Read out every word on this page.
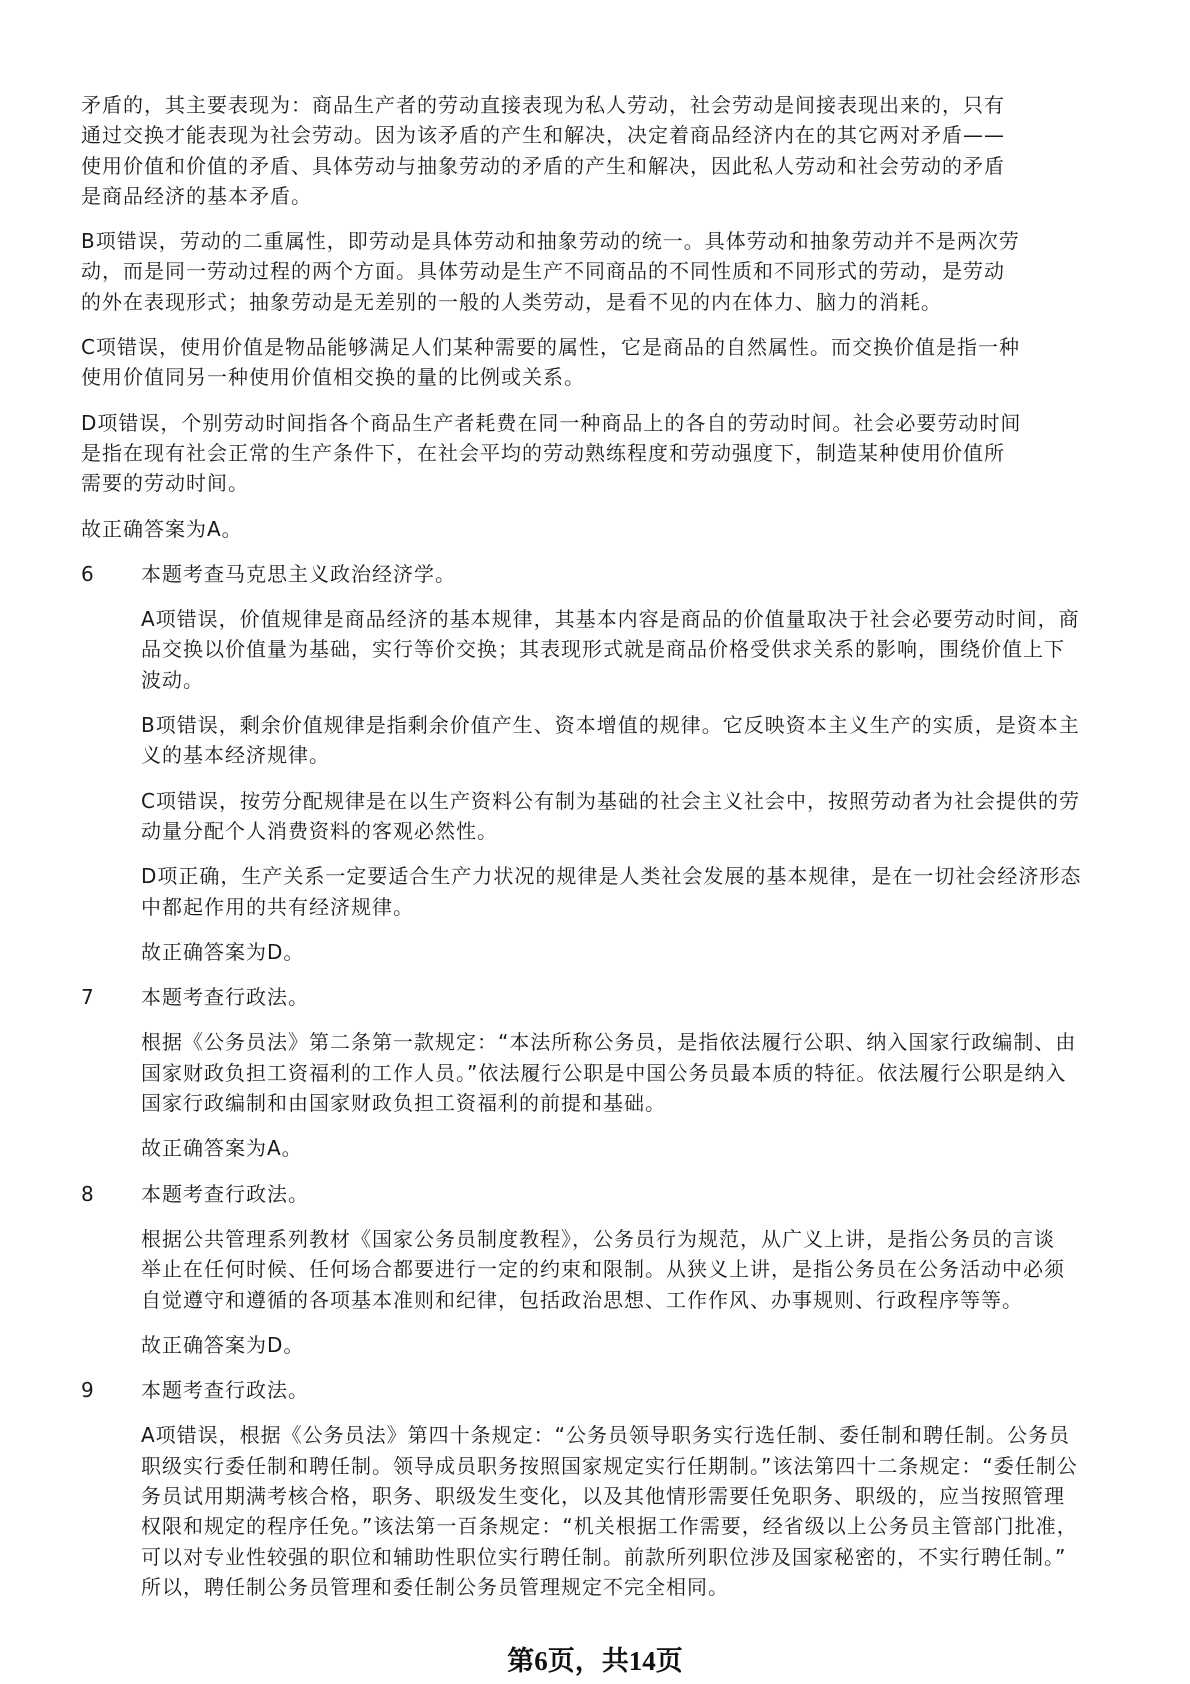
矛盾的，其主要表现为：商品生产者的劳动直接表现为私人劳动，社会劳动是间接表现出来的，只有
通过交换才能表现为社会劳动。因为该矛盾的产生和解决，决定着商品经济内在的其它两对矛盾——
使用价值和价值的矛盾、具体劳动与抽象劳动的矛盾的产生和解决，因此私人劳动和社会劳动的矛盾
是商品经济的基本矛盾。
B项错误，劳动的二重属性，即劳动是具体劳动和抽象劳动的统一。具体劳动和抽象劳动并不是两次劳
动，而是同一劳动过程的两个方面。具体劳动是生产不同商品的不同性质和不同形式的劳动，是劳动
的外在表现形式；抽象劳动是无差别的一般的人类劳动，是看不见的内在体力、脑力的消耗。
C项错误，使用价值是物品能够满足人们某种需要的属性，它是商品的自然属性。而交换价值是指一种
使用价值同另一种使用价值相交换的量的比例或关系。
D项错误，个别劳动时间指各个商品生产者耗费在同一种商品上的各自的劳动时间。社会必要劳动时间
是指在现有社会正常的生产条件下，在社会平均的劳动熟练程度和劳动强度下，制造某种使用价值所
需要的劳动时间。
故正确答案为A。
6	本题考查马克思主义政治经济学。
A项错误，价值规律是商品经济的基本规律，其基本内容是商品的价值量取决于社会必要劳动时间，商
品交换以价值量为基础，实行等价交换；其表现形式就是商品价格受供求关系的影响，围绕价值上下
波动。
B项错误，剩余价值规律是指剩余价值产生、资本增值的规律。它反映资本主义生产的实质，是资本主
义的基本经济规律。
C项错误，按劳分配规律是在以生产资料公有制为基础的社会主义社会中，按照劳动者为社会提供的劳
动量分配个人消费资料的客观必然性。
D项正确，生产关系一定要适合生产力状况的规律是人类社会发展的基本规律，是在一切社会经济形态
中都起作用的共有经济规律。
故正确答案为D。
7	本题考查行政法。
根据《公务员法》第二条第一款规定：“本法所称公务员，是指依法履行公职、纳入国家行政编制、由
国家财政负担工资福利的工作人员。”依法履行公职是中国公务员最本质的特征。依法履行公职是纳入
国家行政编制和由国家财政负担工资福利的前提和基础。
故正确答案为A。
8	本题考查行政法。
根据公共管理系列教材《国家公务员制度教程》，公务员行为规范，从广义上讲，是指公务员的言谈
举止在任何时候、任何场合都要进行一定的约束和限制。从狭义上讲，是指公务员在公务活动中必须
自觉遵守和遵循的各项基本准则和纪律，包括政治思想、工作作风、办事规则、行政程序等等。
故正确答案为D。
9	本题考查行政法。
A项错误，根据《公务员法》第四十条规定：“公务员领导职务实行选任制、委任制和聘任制。公务员
职级实行委任制和聘任制。领导成员职务按照国家规定实行任期制。”该法第四十二条规定：“委任制公
务员试用期满考核合格，职务、职级发生变化，以及其他情形需要任免职务、职级的，应当按照管理
权限和规定的程序任免。”该法第一百条规定：“机关根据工作需要，经省级以上公务员主管部门批准，
可以对专业性较强的职位和辅助性职位实行聘任制。前款所列职位涉及国家秘密的，不实行聘任制。”
所以，聘任制公务员管理和委任制公务员管理规定不完全相同。
第6页，共14页
